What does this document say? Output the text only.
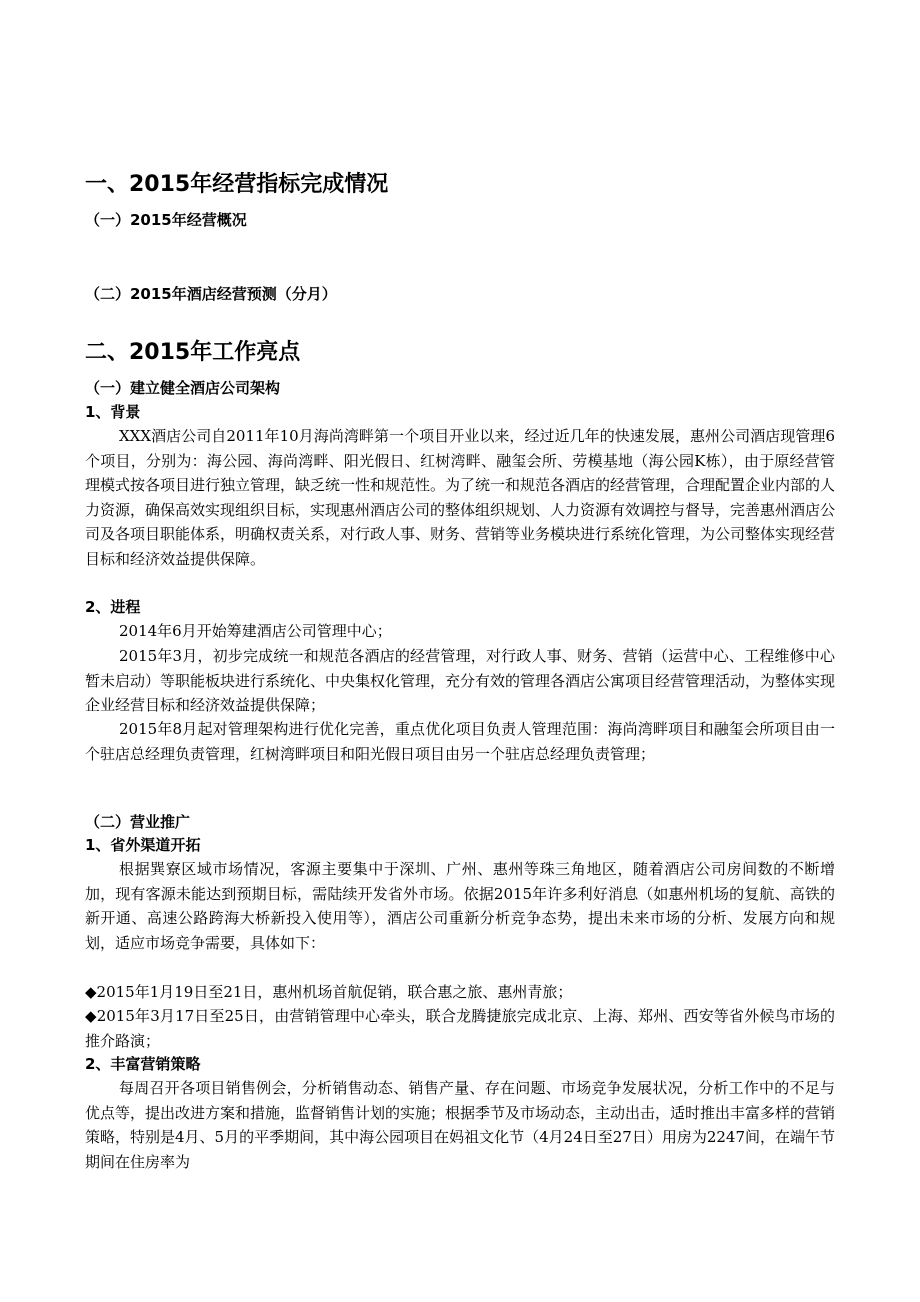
一、2015年经营指标完成情况
（一）2015年经营概况
（二）2015年酒店经营预测（分月）
二、2015年工作亮点
（一）建立健全酒店公司架构
1、背景

XXX酒店公司自2011年10月海尚湾畔第一个项目开业以来，经过近几年的快速发展，惠州公司酒店现管理6个项目，分别为：海公园、海尚湾畔、阳光假日、红树湾畔、融玺会所、劳模基地（海公园K栋），由于原经营管理模式按各项目进行独立管理，缺乏统一性和规范性。为了统一和规范各酒店的经营管理，合理配置企业内部的人力资源，确保高效实现组织目标，实现惠州酒店公司的整体组织规划、人力资源有效调控与督导，完善惠州酒店公司及各项目职能体系，明确权责关系，对行政人事、财务、营销等业务模块进行系统化管理，为公司整体实现经营目标和经济效益提供保障。

2、进程

2014年6月开始筹建酒店公司管理中心；

2015年3月，初步完成统一和规范各酒店的经营管理，对行政人事、财务、营销（运营中心、工程维修中心暂未启动）等职能板块进行系统化、中央集权化管理，充分有效的管理各酒店公寓项目经营管理活动，为整体实现企业经营目标和经济效益提供保障；

2015年8月起对管理架构进行优化完善，重点优化项目负责人管理范围：海尚湾畔项目和融玺会所项目由一个驻店总经理负责管理，红树湾畔项目和阳光假日项目由另一个驻店总经理负责管理；

（二）营业推广
1、省外渠道开拓

根据巽寮区域市场情况，客源主要集中于深圳、广州、惠州等珠三角地区，随着酒店公司房间数的不断增加，现有客源未能达到预期目标，需陆续开发省外市场。依据2015年许多利好消息（如惠州机场的复航、高铁的新开通、高速公路跨海大桥新投入使用等），酒店公司重新分析竞争态势，提出未来市场的分析、发展方向和规划，适应市场竞争需要，具体如下：

◆2015年1月19日至21日，惠州机场首航促销，联合惠之旅、惠州青旅；

◆2015年3月17日至25日，由营销管理中心牵头，联合龙腾捷旅完成北京、上海、郑州、西安等省外候鸟市场的推介路演；

2、丰富营销策略

每周召开各项目销售例会，分析销售动态、销售产量、存在问题、市场竞争发展状况，分析工作中的不足与优点等，提出改进方案和措施，监督销售计划的实施；根据季节及市场动态，主动出击，适时推出丰富多样的营销策略，特别是4月、5月的平季期间，其中海公园项目在妈祖文化节（4月24日至27日）用房为2247间，在端午节期间在住房率为
